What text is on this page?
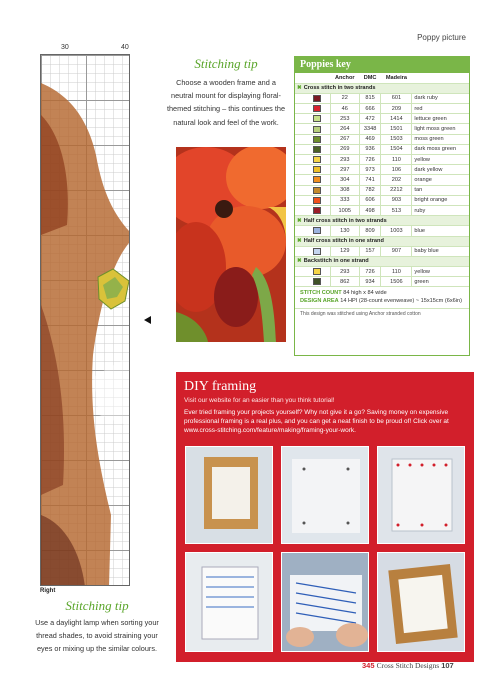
Poppy picture
30	40
Right
Stitching tip
Choose a wooden frame and a neutral mount for displaying floral-themed stitching – this continues the natural look and feel of the work.
Poppies key
	Anchor	DMC	Madeira	
✖ Cross stitch in two strands				
	22	815	601	dark ruby
	46	666	209	red
	253	472	1414	lettuce green
	264	3348	1501	light moss green
	267	469	1503	moss green
	269	936	1504	dark moss green
	293	726	110	yellow
	297	973	106	dark yellow
	304	741	202	orange
	308	782	2212	tan
	333	606	903	bright orange
	1005	498	513	ruby
✖ Half cross stitch in two strands				
	130	809	1003	blue
✖ Half cross stitch in one strand				
	129	157	907	baby blue
✖ Backstitch in one strand				
	293	726	110	yellow
	862	934	1506	green
STITCH COUNT 84 high x 84 wide
DESIGN AREA 14 HPI (28-count evenweave) ~ 15x15cm (6x6in)
This design was stitched using Anchor stranded cotton
DIY framing
Visit our website for an easier than you think tutorial!
Ever tried framing your projects yourself? Why not give it a go? Saving money on expensive professional framing is a real plus, and you can get a neat finish to be proud of! Click over at www.cross-stitching.com/feature/making/framing-your-work.
345 Cross Stitch Designs 107
Stitching tip
Use a daylight lamp when sorting your thread shades, to avoid straining your eyes or mixing up the similar colours.
